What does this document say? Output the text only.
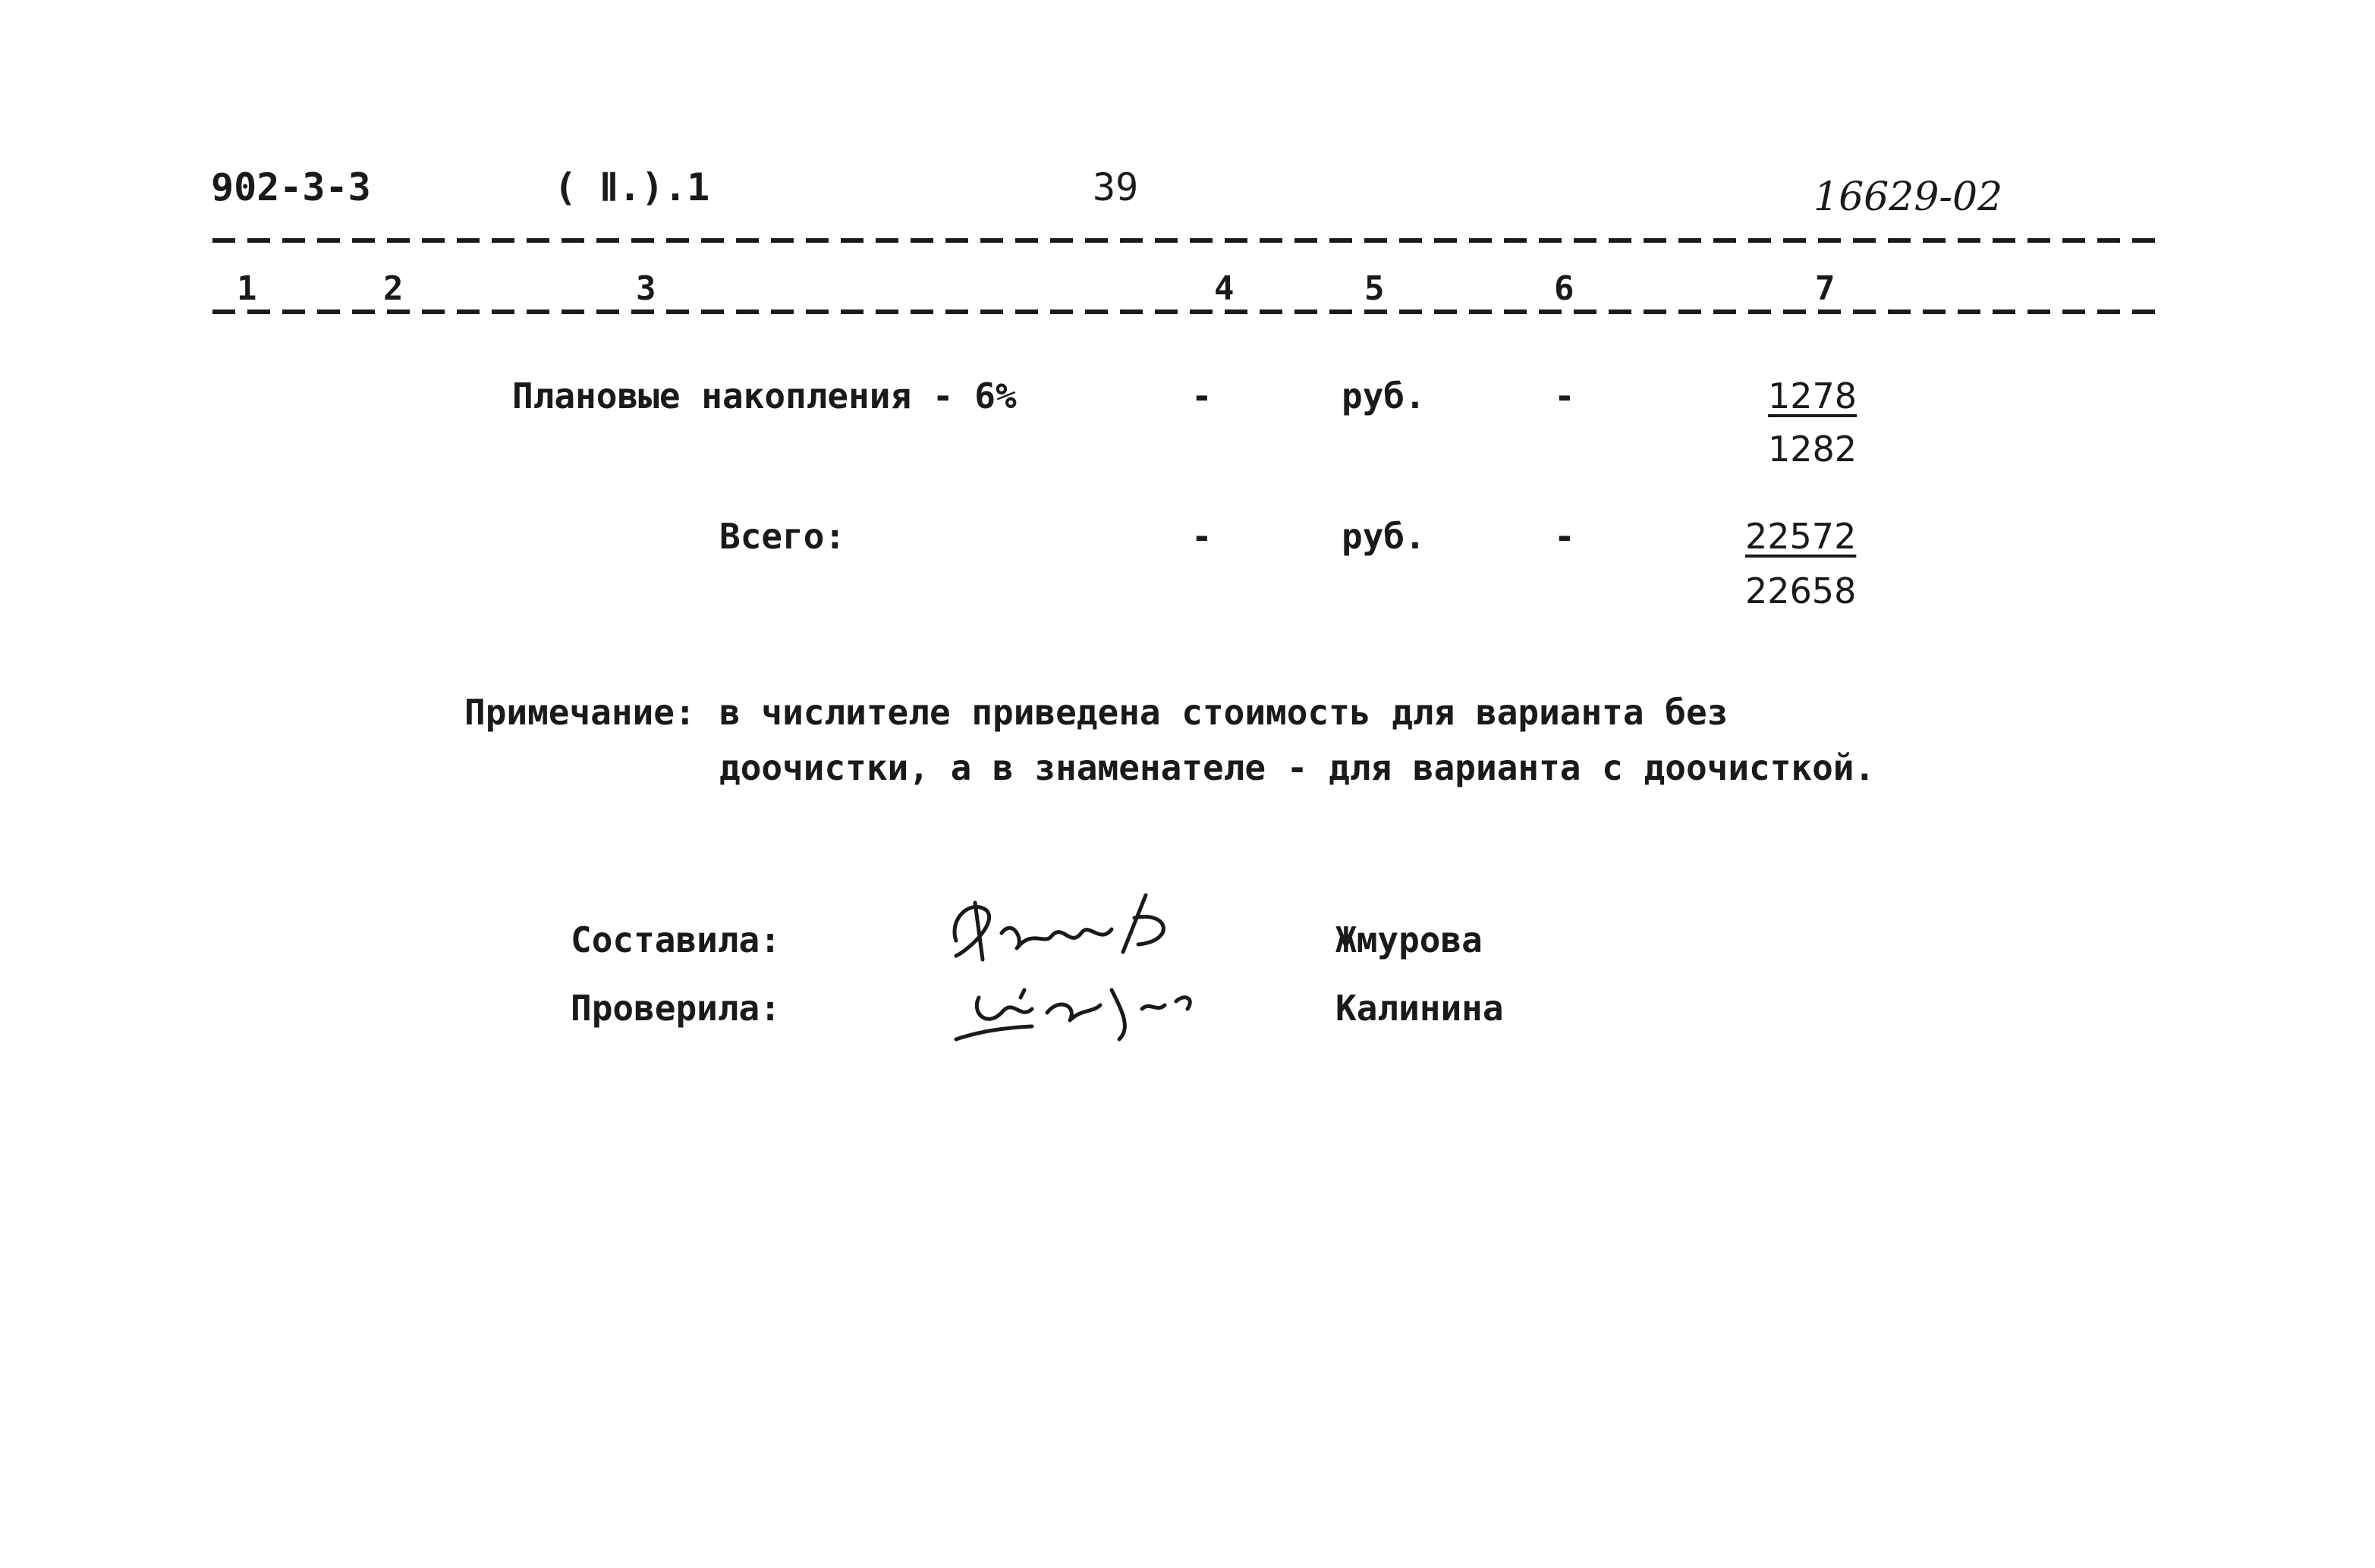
902-3-3	( Ⅱ.).1	39	16629-02
1	2	3	4	5	6	7
Плановые накопления - 6%	-	руб.	-	1278
1282
Всего:	-	руб.	-	22572
22658
Примечание: в числителе приведена стоимость для варианта без
доочистки, а в знаменателе - для варианта с доочисткой.
Составила:	Жмурова
Проверила:	Калинина
